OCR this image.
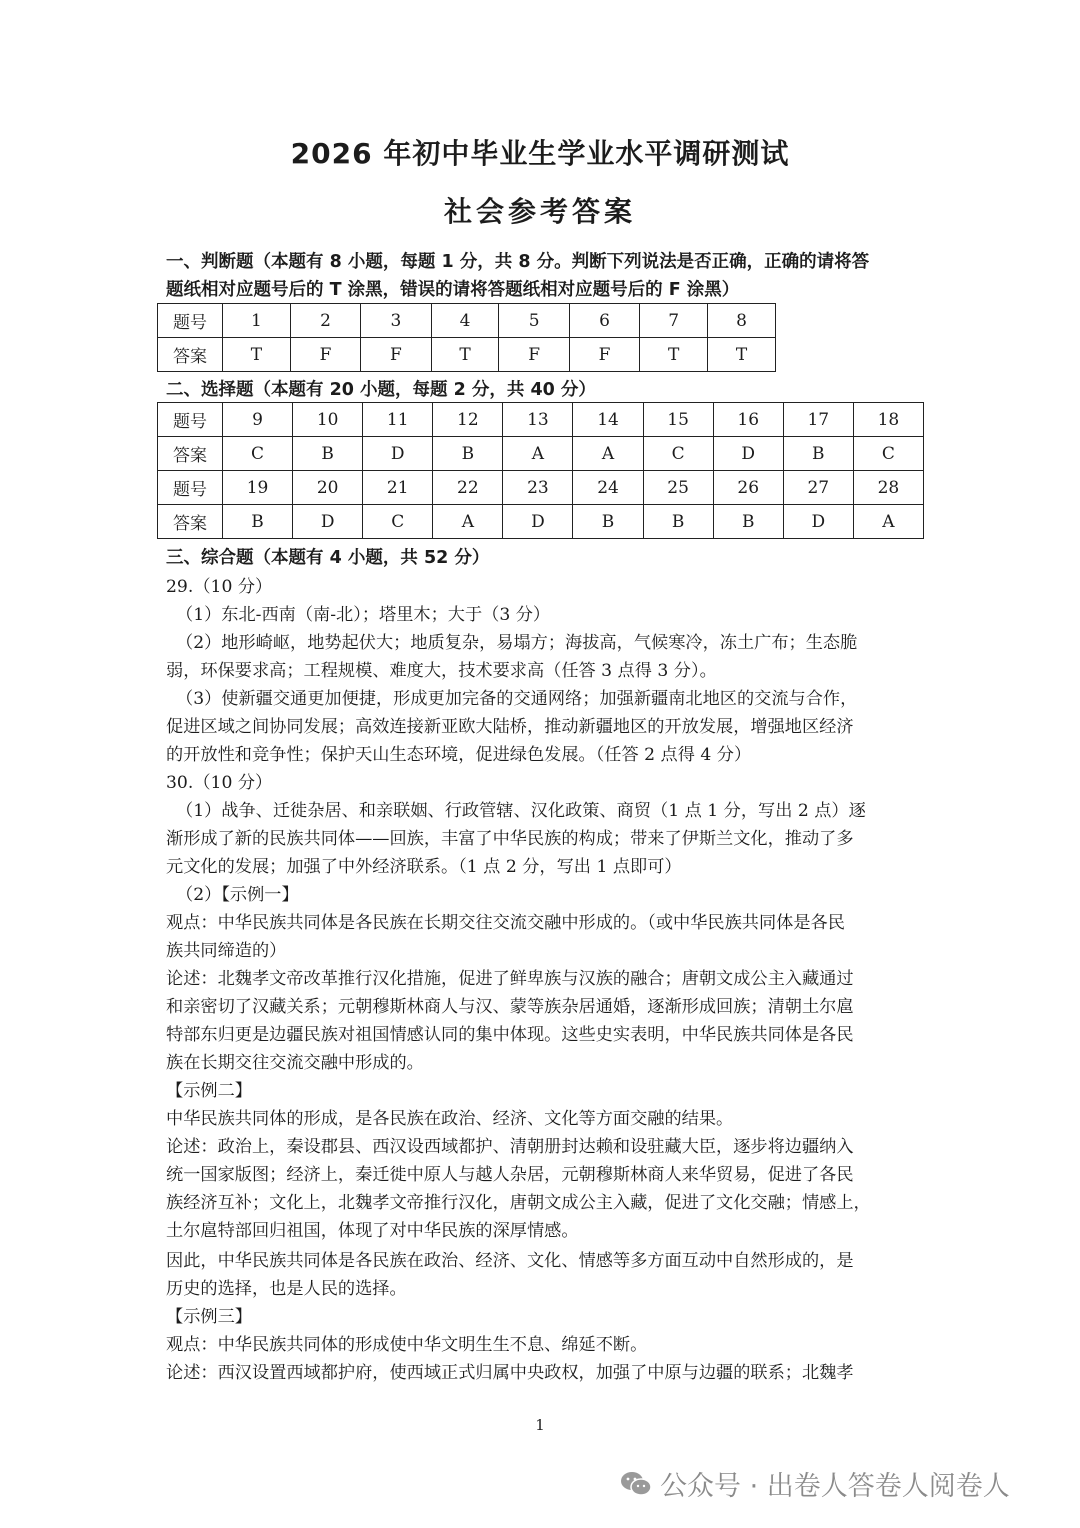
2026 年初中毕业生学业水平调研测试
社会参考答案
一、判断题（本题有 8 小题，每题 1 分，共 8 分。判断下列说法是否正确，正确的请将答
题纸相对应题号后的 T 涂黑，错误的请将答题纸相对应题号后的 F 涂黑）
题号	1	2	3	4	5	6	7	8
答案	T	F	F	T	F	F	T	T
二、选择题（本题有 20 小题，每题 2 分，共 40 分）
题号	9	10	11	12	13	14	15	16	17	18
答案	C	B	D	B	A	A	C	D	B	C
题号	19	20	21	22	23	24	25	26	27	28
答案	B	D	C	A	D	B	B	B	D	A
三、综合题（本题有 4 小题，共 52 分）
29.（10 分）
（1）东北-西南（南-北）；塔里木；大于（3 分）
（2）地形崎岖，地势起伏大；地质复杂，易塌方；海拔高，气候寒冷，冻土广布；生态脆
弱，环保要求高；工程规模、难度大，技术要求高（任答 3 点得 3 分）。
（3）使新疆交通更加便捷，形成更加完备的交通网络；加强新疆南北地区的交流与合作，
促进区域之间协同发展；高效连接新亚欧大陆桥，推动新疆地区的开放发展，增强地区经济
的开放性和竞争性；保护天山生态环境，促进绿色发展。（任答 2 点得 4 分）
30.（10 分）
（1）战争、迁徙杂居、和亲联姻、行政管辖、汉化政策、商贸（1 点 1 分，写出 2 点）逐
渐形成了新的民族共同体——回族，丰富了中华民族的构成；带来了伊斯兰文化，推动了多
元文化的发展；加强了中外经济联系。（1 点 2 分，写出 1 点即可）
（2）【示例一】
观点：中华民族共同体是各民族在长期交往交流交融中形成的。（或中华民族共同体是各民
族共同缔造的）
论述：北魏孝文帝改革推行汉化措施，促进了鲜卑族与汉族的融合；唐朝文成公主入藏通过
和亲密切了汉藏关系；元朝穆斯林商人与汉、蒙等族杂居通婚，逐渐形成回族；清朝土尔扈
特部东归更是边疆民族对祖国情感认同的集中体现。这些史实表明，中华民族共同体是各民
族在长期交往交流交融中形成的。
【示例二】
中华民族共同体的形成，是各民族在政治、经济、文化等方面交融的结果。
论述：政治上，秦设郡县、西汉设西域都护、清朝册封达赖和设驻藏大臣，逐步将边疆纳入
统一国家版图；经济上，秦迁徙中原人与越人杂居，元朝穆斯林商人来华贸易，促进了各民
族经济互补；文化上，北魏孝文帝推行汉化，唐朝文成公主入藏，促进了文化交融；情感上，
土尔扈特部回归祖国，体现了对中华民族的深厚情感。
因此，中华民族共同体是各民族在政治、经济、文化、情感等多方面互动中自然形成的，是
历史的选择，也是人民的选择。
【示例三】
观点：中华民族共同体的形成使中华文明生生不息、绵延不断。
论述：西汉设置西域都护府，使西域正式归属中央政权，加强了中原与边疆的联系；北魏孝
1
公众号 · 出卷人答卷人阅卷人
